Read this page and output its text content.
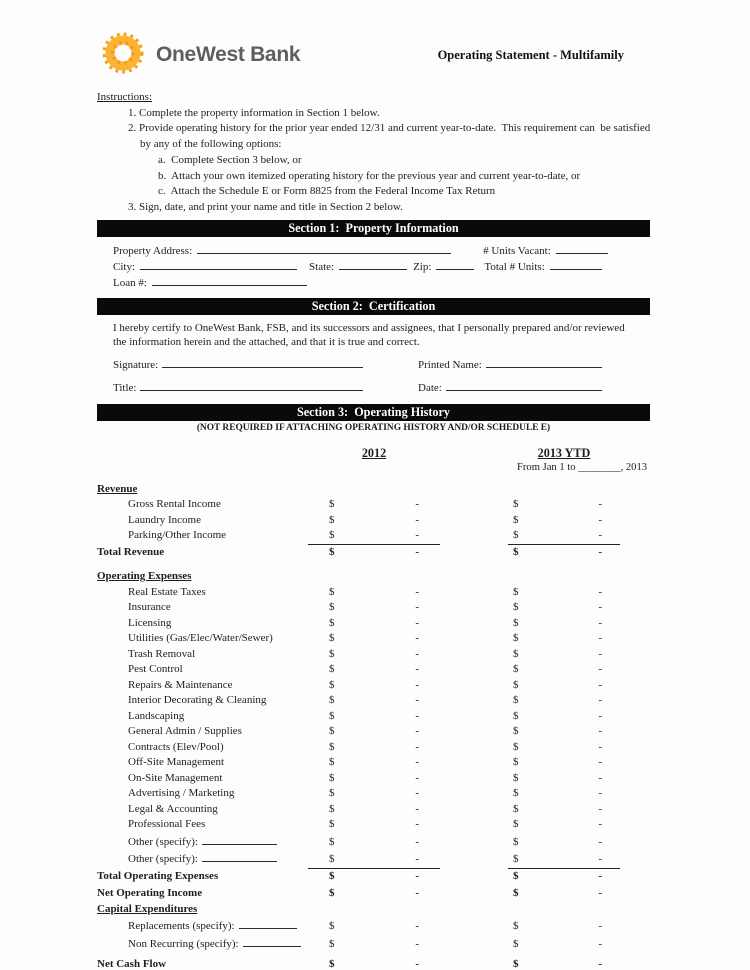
OneWest Bank	Operating Statement - Multifamily
Instructions:
1. Complete the property information in Section 1 below.
2. Provide operating history for the prior year ended 12/31 and current year-to-date.  This requirement can  be satisfied
by any of the following options:
a.  Complete Section 3 below, or
b.  Attach your own itemized operating history for the previous year and current year-to-date, or
c.  Attach the Schedule E or Form 8825 from the Federal Income Tax Return
3. Sign, date, and print your name and title in Section 2 below.
Section 1:  Property Information
Property Address:	# Units Vacant:
City:	State:	Zip:	Total # Units:
Loan #:
Section 2:  Certification
I hereby certify to OneWest Bank, FSB, and its successors and assignees, that I personally prepared and/or reviewed the information herein and the attached, and that it is true and correct.
Signature:	Printed Name:
Title:	Date:
Section 3:  Operating History
(NOT REQUIRED IF ATTACHING OPERATING HISTORY AND/OR SCHEDULE E)
2012	2013 YTD
From Jan 1 to ________, 2013
Revenue
Gross Rental Income	$	-	$	-
Laundry Income	$	-	$	-
Parking/Other Income	$	-	$	-
Total Revenue	$	-	$	-
Operating Expenses
Real Estate Taxes	$	-	$	-
Insurance	$	-	$	-
Licensing	$	-	$	-
Utilities (Gas/Elec/Water/Sewer)	$	-	$	-
Trash Removal	$	-	$	-
Pest Control	$	-	$	-
Repairs & Maintenance	$	-	$	-
Interior Decorating & Cleaning	$	-	$	-
Landscaping	$	-	$	-
General Admin / Supplies	$	-	$	-
Contracts (Elev/Pool)	$	-	$	-
Off-Site Management	$	-	$	-
On-Site Management	$	-	$	-
Advertising / Marketing	$	-	$	-
Legal & Accounting	$	-	$	-
Professional Fees	$	-	$	-
Other (specify):	$	-	$	-
Other (specify):	$	-	$	-
Total Operating Expenses	$	-	$	-
Net Operating Income	$	-	$	-
Capital Expenditures
Replacements (specify):	$	-	$	-
Non Recurring (specify):	$	-	$	-
Net Cash Flow	$	-	$	-
